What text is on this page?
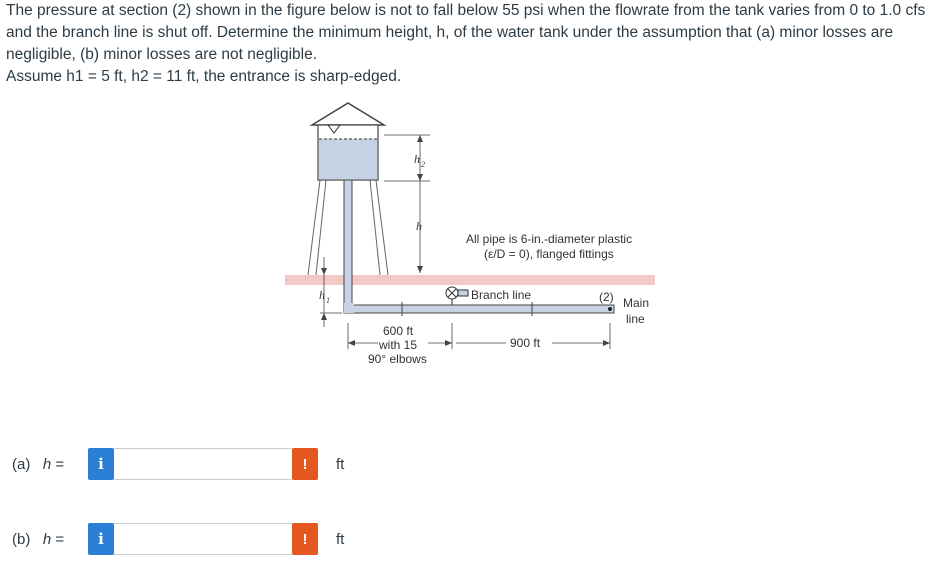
The pressure at section (2) shown in the figure below is not to fall below 55 psi when the flowrate from the tank varies from 0 to 1.0 cfs and the branch line is shut off. Determine the minimum height, h, of the water tank under the assumption that (a) minor losses are negligible, (b) minor losses are not negligible.

Assume h1 = 5 ft, h2 = 11 ft, the entrance is sharp-edged.

h 2
h
h 1
All pipe is 6-in.-diameter plastic
(ε/D = 0), flanged fittings
Branch line	(2) Main
line
600 ft
with 15
90° elbows
900 ft
(a) h =	i	!	ft
(b) h =	i	!	ft
